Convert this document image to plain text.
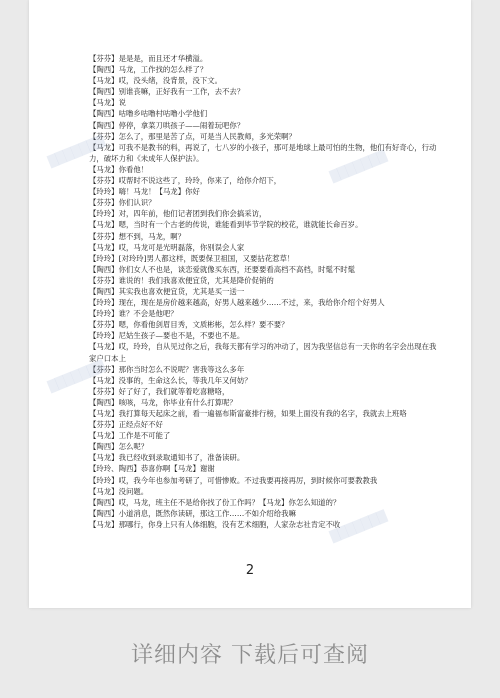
【芬芬】是是是，而且还才华横溢。
【陶西】马龙，工作找的怎么样了？
【马龙】哎，没头绪，没背景，没下文。
【陶西】别谁丧嘛，正好我有一工作，去不去？
【马龙】说
【陶西】咕噜乡咕噜村咕噜小学他们
【陶西】停停，拿菜刀哄孩子——闹着玩吧你？
【芬芬】怎么了，那里是苦了点，可是当人民教师，多光荣啊？
【马龙】可我不是教书的料，再说了，七八岁的小孩子，那可是地球上最可怕的生物，他们有好奇心，行动力，破坏力和《未成年人保护法》。
【马龙】你看他！
【芬芬】哎帮时不说这些了，玲玲，你来了，给你介绍下，
【玲玲】嗨！马龙！【马龙】你好
【芬芬】你们认识？
【玲玲】对，四年前，他们记者团到我们你会搞采访，
【马龙】嗯，当时有一个古老的传说，谁能看到毕节学院的校花，谁就能长命百岁。
【芬芬】想不到，马龙，啊？
【马龙】哎，马龙可是光明磊落，你别误会人家
【玲玲】[对玲玲]男人都这样，既要保卫祖国，又要拈花惹草！
【陶西】你们女人不也是，谈恋爱就像买东西，还要要看高档不高档，时髦不时髦
【芬芬】谁说的！我们我喜欢便宜货，尤其是降价促销的
【陶西】其实我也喜欢便宜货，尤其是买一送一
【玲玲】现在，现在是房价越来越高，好男人越来越少……不过，来，我给你介绍个好男人
【玲玲】谁？不会是他吧？
【芬芬】嗯，你看他剑眉目秀，文质彬彬，怎么样？要不要？
【玲玲】尼姑生孩子—要也不是，不要也不是。
【马龙】哎，玲玲，自从见过你之后，我每天都有学习的冲动了，因为我坚信总有一天你的名字会出现在我家户口本上
【芬芬】那你当时怎么不说呢？害我等这么多年
【马龙】没事的，生命这么长，等我几年又何妨？
【芬芬】好了好了，我们就等着吃喜糖咯，
【陶西】咳咳，马龙，你毕业有什么打算呢？
【马龙】我打算每天起床之前，看一遍福布斯富豪排行榜，如果上面没有我的名字，我就去上班咯
【芬芬】正经点好不好
【马龙】工作是不可能了
【陶西】怎么呢？
【马龙】我已经收到录取通知书了，准备读研。
【玲玲、陶西】恭喜你啊【马龙】谢谢
【玲玲】哎，我今年也参加考研了，可惜惨败。不过我要再接再厉，到时候你可要教教我
【马龙】没问题。
【陶西】哎，马龙，班主任不是给你找了份工作吗？【马龙】你怎么知道的？
【陶西】小道消息，既然你读研，那这工作……不如介绍给我嘛
【马龙】那哪行，你身上只有人体细胞，没有艺术细胞，人家杂志社肯定不收
2
███████	███████
███████
███████
详细内容 下载后可查阅
